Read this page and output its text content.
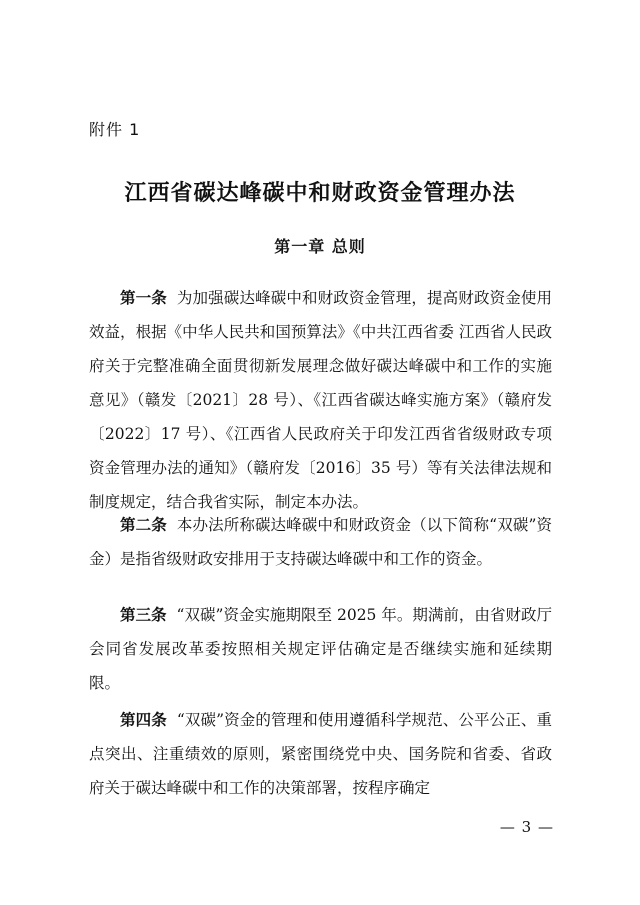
附件 1
江西省碳达峰碳中和财政资金管理办法
第一章 总则

第一条 为加强碳达峰碳中和财政资金管理，提高财政资金使用效益，根据《中华人民共和国预算法》《中共江西省委 江西省人民政府关于完整准确全面贯彻新发展理念做好碳达峰碳中和工作的实施意见》（赣发〔2021〕28 号）、《江西省碳达峰实施方案》（赣府发〔2022〕17 号）、《江西省人民政府关于印发江西省省级财政专项资金管理办法的通知》（赣府发〔2016〕35 号）等有关法律法规和制度规定，结合我省实际，制定本办法。

第二条 本办法所称碳达峰碳中和财政资金（以下简称“双碳”资金）是指省级财政安排用于支持碳达峰碳中和工作的资金。

第三条 “双碳”资金实施期限至 2025 年。期满前，由省财政厅会同省发展改革委按照相关规定评估确定是否继续实施和延续期限。

第四条 “双碳”资金的管理和使用遵循科学规范、公平公正、重点突出、注重绩效的原则，紧密围绕党中央、国务院和省委、省政府关于碳达峰碳中和工作的决策部署，按程序确定

— 3 —
